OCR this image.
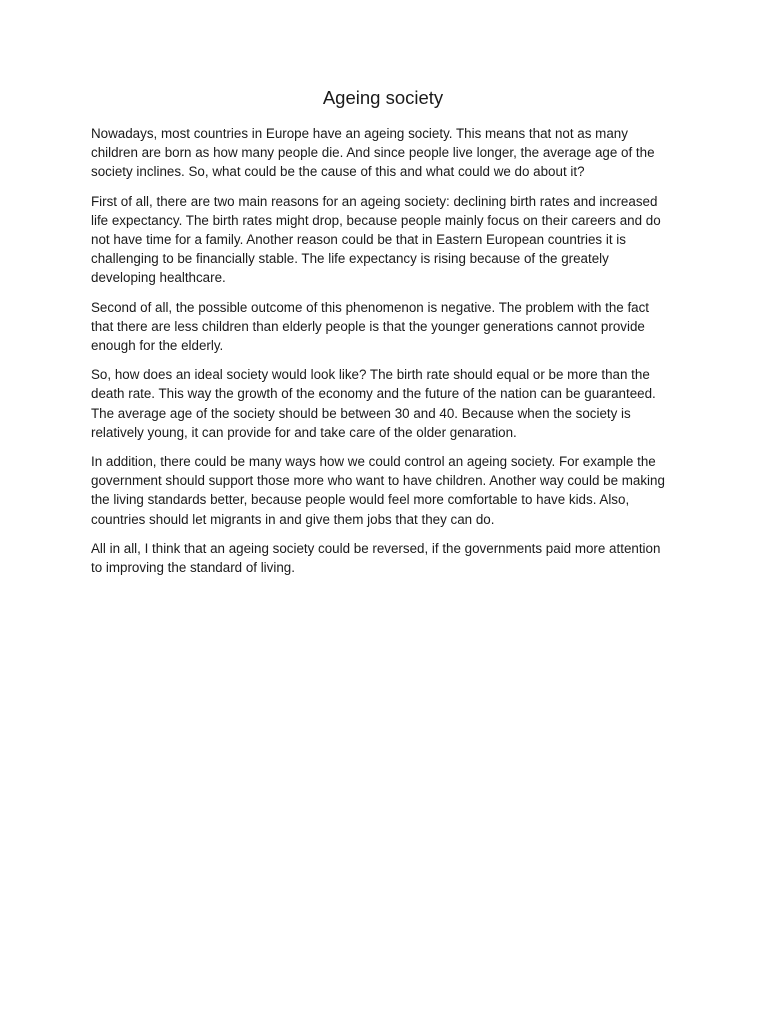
Ageing society

Nowadays, most countries in Europe have an ageing society. This means that not as many children are born as how many people die. And since people live longer, the average age of the society inclines. So, what could be the cause of this and what could we do about it?

First of all, there are two main reasons for an ageing society: declining birth rates and increased life expectancy. The birth rates might drop, because people mainly focus on their careers and do not have time for a family. Another reason could be that in Eastern European countries it is challenging to be financially stable. The life expectancy is rising because of the greately developing healthcare.

Second of all, the possible outcome of this phenomenon is negative. The problem with the fact that there are less children than elderly people is that the younger generations cannot provide enough for the elderly.

So, how does an ideal society would look like? The birth rate should equal or be more than the death rate. This way the growth of the economy and the future of the nation can be guaranteed. The average age of the society should be between 30 and 40. Because when the society is relatively young, it can provide for and take care of the older genaration.

In addition, there could be many ways how we could control an ageing society. For example the government should support those more who want to have children. Another way could be making the living standards better, because people would feel more comfortable to have kids. Also, countries should let migrants in and give them jobs that they can do.

All in all, I think that an ageing society could be reversed, if the governments paid more attention to improving the standard of living.
